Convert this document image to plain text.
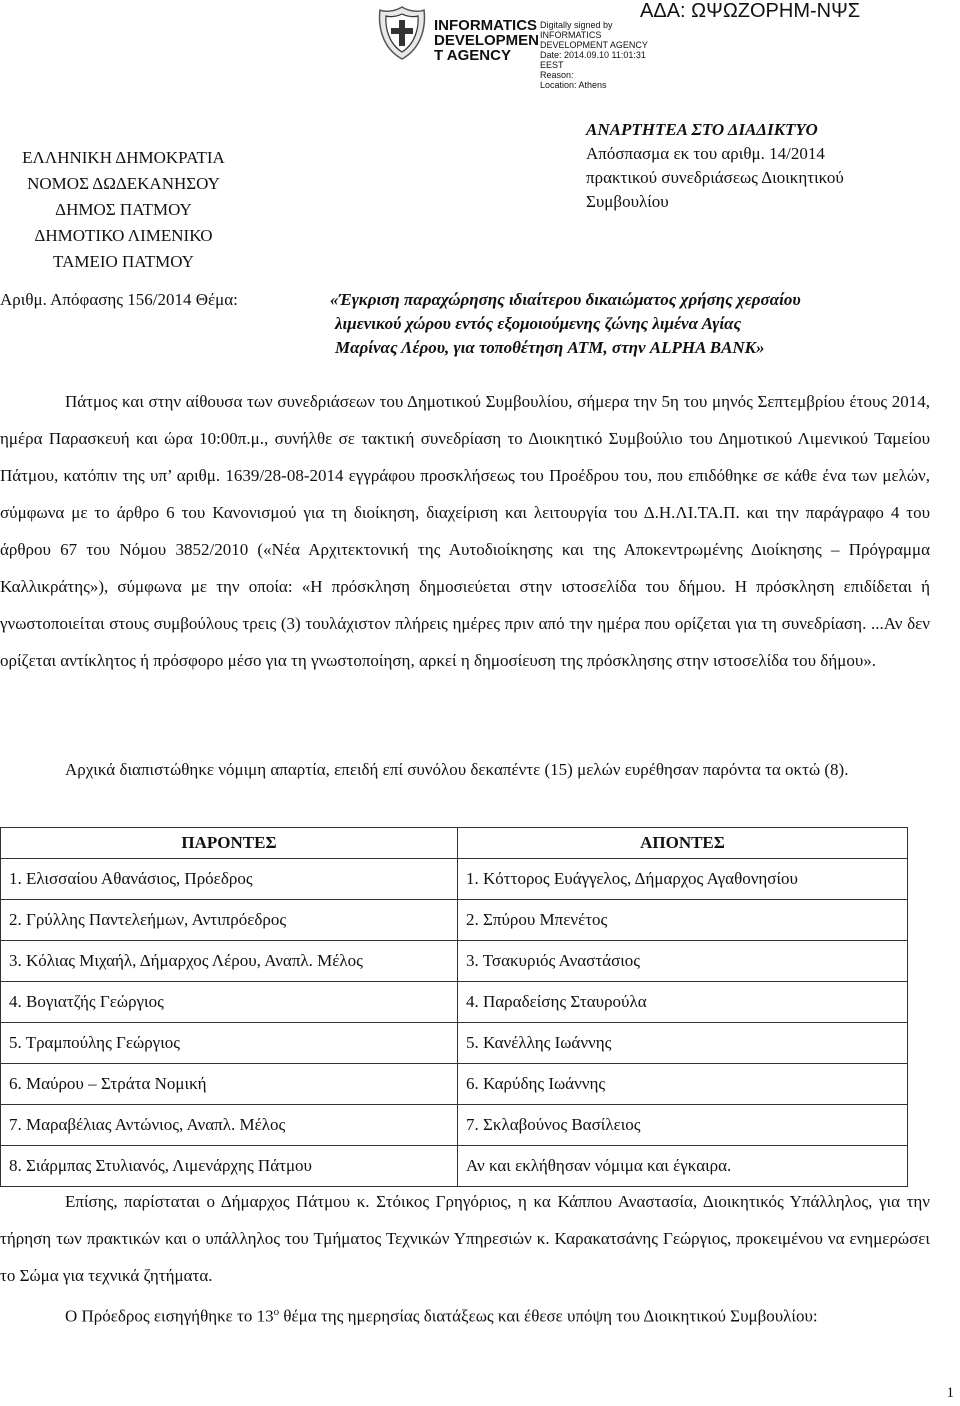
INFORMATICS
DEVELOPMEN
T AGENCY
Digitally signed by
INFORMATICS
DEVELOPMENT AGENCY
Date: 2014.09.10 11:01:31
EEST
Reason:
Location: Athens
ΑΔΑ: ΩΨΩΖΟΡΗΜ-ΝΨΣ
ΕΛΛΗΝΙΚΗ ΔΗΜΟΚΡΑΤΙΑ
ΝΟΜΟΣ ΔΩΔΕΚΑΝΗΣΟΥ
ΔΗΜΟΣ ΠΑΤΜΟΥ
ΔΗΜΟΤΙΚΟ ΛΙΜΕΝΙΚΟ
ΤΑΜΕΙΟ ΠΑΤΜΟΥ
ΑΝΑΡΤΗΤΕΑ ΣΤΟ ΔΙΑΔΙΚΤΥΟ
Απόσπασμα εκ του αριθμ. 14/2014
πρακτικού συνεδριάσεως Διοικητικού
Συμβουλίου
Αριθμ. Απόφασης 156/2014 Θέμα:	«Έγκριση παραχώρησης ιδιαίτερου δικαιώματος χρήσης χερσαίου
λιμενικού χώρου εντός εξομοιούμενης ζώνης λιμένα Αγίας
Μαρίνας Λέρου, για τοποθέτηση ATM, στην ALPHA BANK»

Πάτμος και στην αίθουσα των συνεδριάσεων του Δημοτικού Συμβουλίου, σήμερα την 5η του μηνός Σεπτεμβρίου έτους 2014, ημέρα Παρασκευή και ώρα 10:00π.μ., συνήλθε σε τακτική συνεδρίαση το Διοικητικό Συμβούλιο του Δημοτικού Λιμενικού Ταμείου Πάτμου, κατόπιν της υπ’ αριθμ. 1639/28-08-2014 εγγράφου προσκλήσεως του Προέδρου του, που επιδόθηκε σε κάθε ένα των μελών, σύμφωνα με το άρθρο 6 του Κανονισμού για τη διοίκηση, διαχείριση και λειτουργία του Δ.Η.ΛΙ.ΤΑ.Π. και την παράγραφο 4 του άρθρου 67 του Νόμου 3852/2010 («Νέα Αρχιτεκτονική της Αυτοδιοίκησης και της Αποκεντρωμένης Διοίκησης – Πρόγραμμα Καλλικράτης»), σύμφωνα με την οποία: «Η πρόσκληση δημοσιεύεται στην ιστοσελίδα του δήμου. Η πρόσκληση επιδίδεται ή γνωστοποιείται στους συμβούλους τρεις (3) τουλάχιστον πλήρεις ημέρες πριν από την ημέρα που ορίζεται για τη συνεδρίαση. ...Αν δεν ορίζεται αντίκλητος ή πρόσφορο μέσο για τη γνωστοποίηση, αρκεί η δημοσίευση της πρόσκλησης στην ιστοσελίδα του δήμου».

Αρχικά διαπιστώθηκε νόμιμη απαρτία, επειδή επί συνόλου δεκαπέντε (15) μελών ευρέθησαν παρόντα τα οκτώ (8).

ΠΑΡΟΝΤΕΣ	ΑΠΟΝΤΕΣ
1. Ελισσαίου Αθανάσιος, Πρόεδρος	1. Κόττορος Ευάγγελος, Δήμαρχος Αγαθονησίου
2. Γρύλλης Παντελεήμων, Αντιπρόεδρος	2. Σπύρου Μπενέτος
3. Κόλιας Μιχαήλ, Δήμαρχος Λέρου, Αναπλ. Μέλος	3. Τσακυριός Αναστάσιος
4. Βογιατζής Γεώργιος	4. Παραδείσης Σταυρούλα
5. Τραμπούλης Γεώργιος	5. Κανέλλης Ιωάννης
6. Μαύρου – Στράτα Νομική	6. Καρύδης Ιωάννης
7. Μαραβέλιας Αντώνιος, Αναπλ. Μέλος	7. Σκλαβούνος Βασίλειος
8. Σιάρμπας Στυλιανός, Λιμενάρχης Πάτμου	Αν και εκλήθησαν νόμιμα και έγκαιρα.

Επίσης, παρίσταται ο Δήμαρχος Πάτμου κ. Στόικος Γρηγόριος, η κα Κάππου Αναστασία, Διοικητικός Υπάλληλος, για την τήρηση των πρακτικών και ο υπάλληλος του Τμήματος Τεχνικών Υπηρεσιών κ. Καρακατσάνης Γεώργιος, προκειμένου να ενημερώσει το Σώμα για τεχνικά ζητήματα.

Ο Πρόεδρος εισηγήθηκε το $13^o$ θέμα της ημερησίας διατάξεως και έθεσε υπόψη του Διοικητικού Συμβουλίου:

1
